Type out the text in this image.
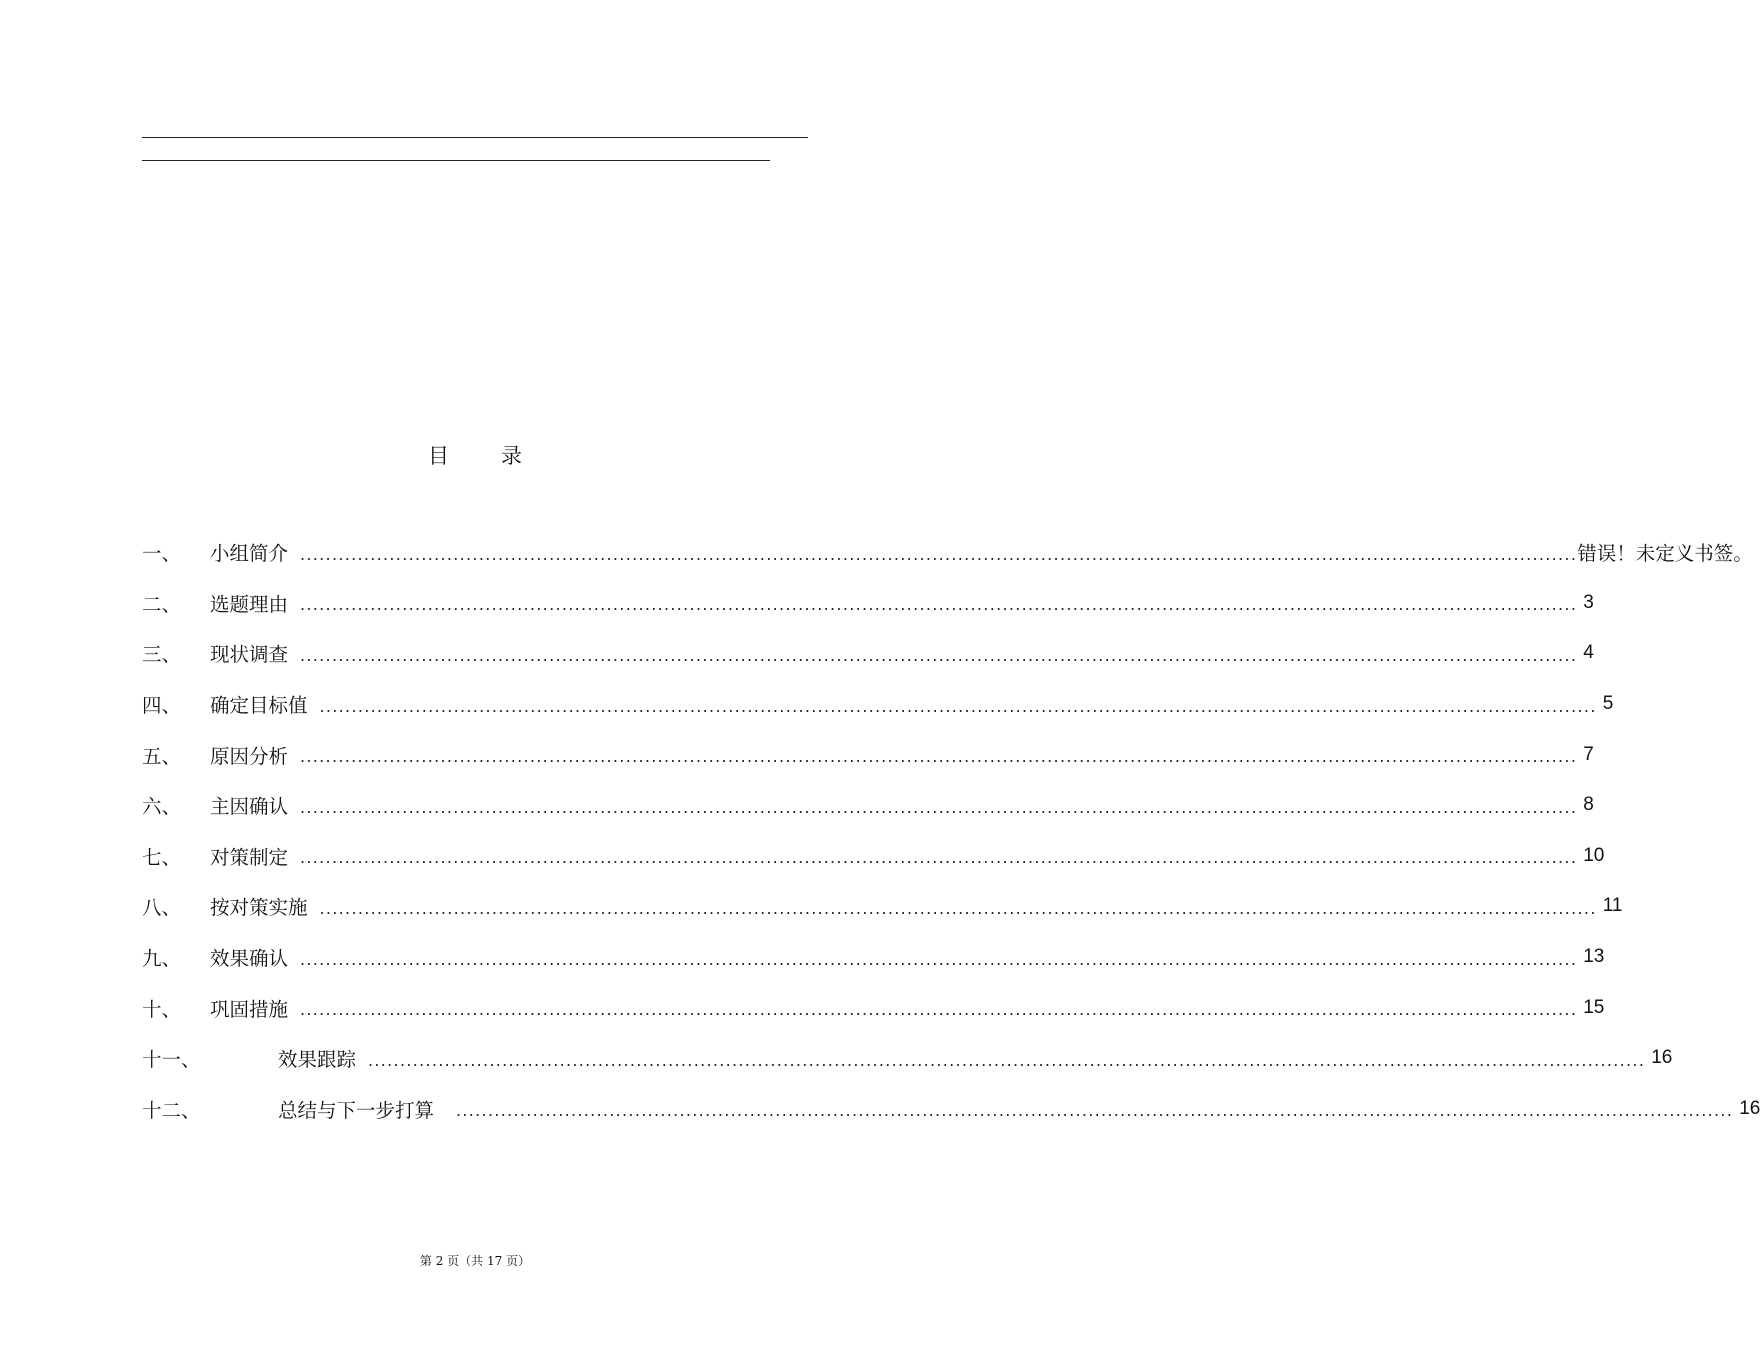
目 录
一、	小组简介 ........................................................................................................................................................................................................ 错误！未定义书签。
二、	选题理由 ........................................................................................................................................................................................................ 3
三、	现状调查 ........................................................................................................................................................................................................ 4
四、	确定目标值 ........................................................................................................................................................................................................ 5
五、	原因分析 ........................................................................................................................................................................................................ 7
六、	主因确认 ........................................................................................................................................................................................................ 8
七、	对策制定 ........................................................................................................................................................................................................ 10
八、	按对策实施 ........................................................................................................................................................................................................ 11
九、	效果确认 ........................................................................................................................................................................................................ 13
十、	巩固措施 ........................................................................................................................................................................................................ 15
十一、	效果跟踪 ........................................................................................................................................................................................................ 16
十二、	总结与下一步打算	........................................................................................................................................................................................................ 16
第 2 页（共 17 页）
